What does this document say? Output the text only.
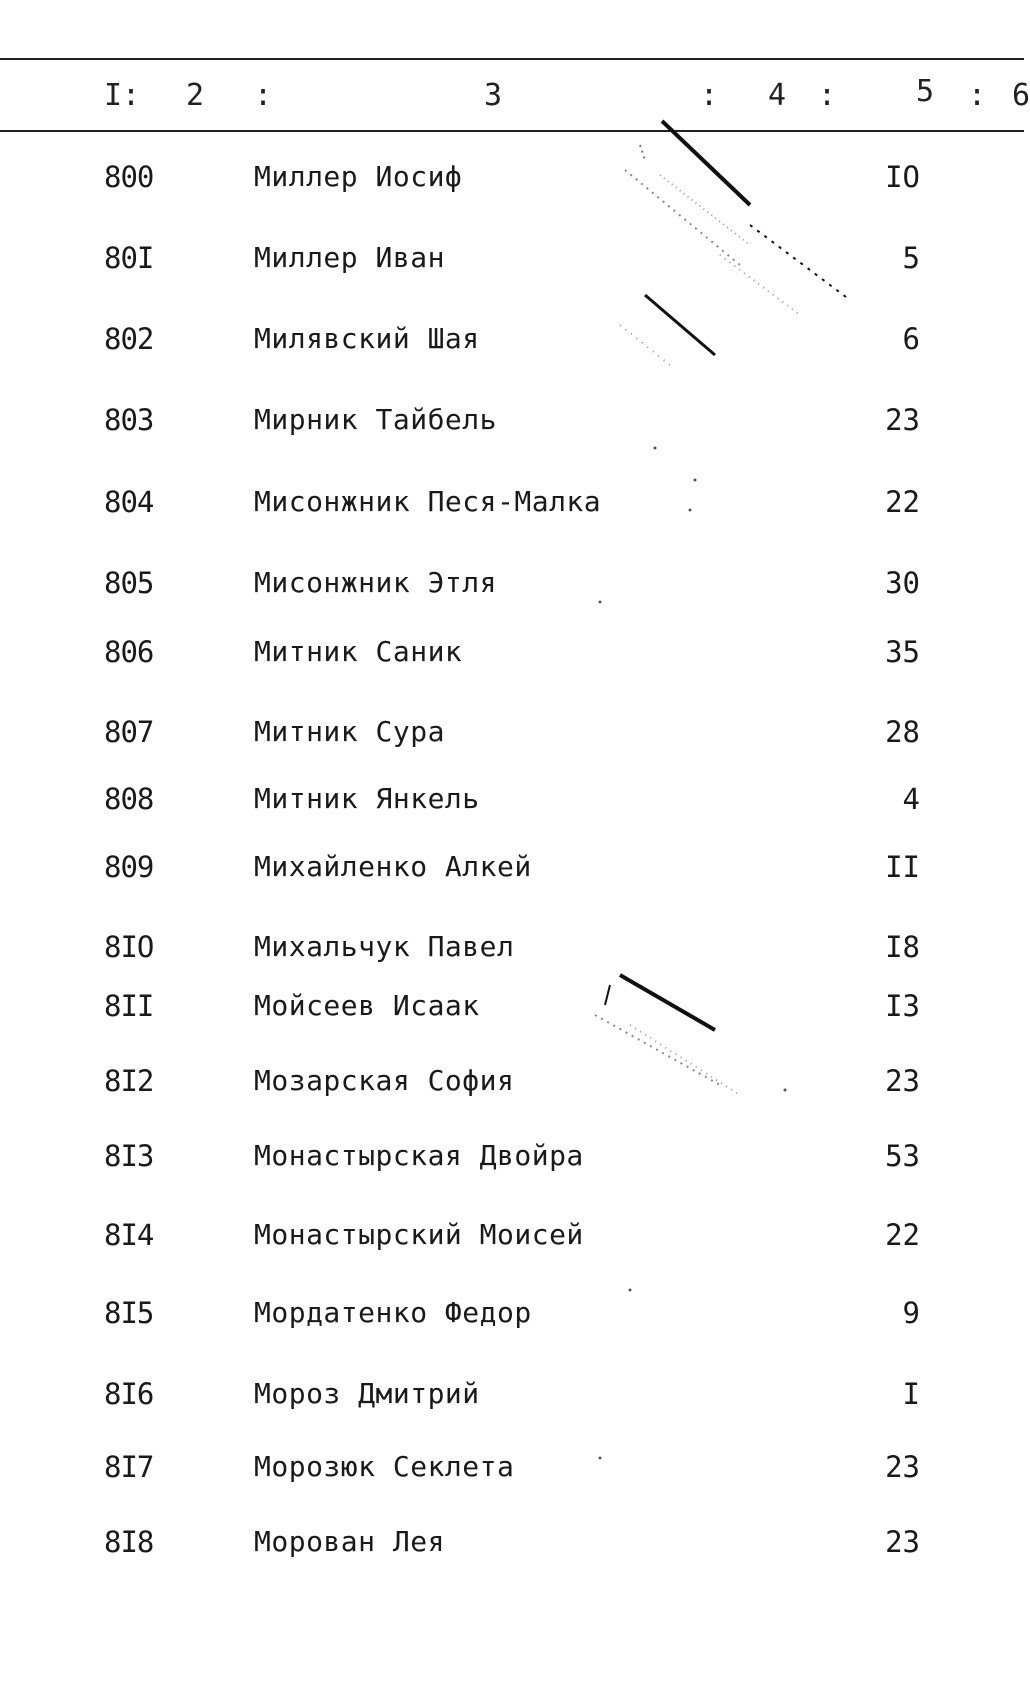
I: 2 :	3	: 4 :	5 : 6
800	Миллер Иосиф	IO
80I	Миллер Иван	5
802	Милявский Шая	6
803	Мирник Тайбель	23
804	Мисонжник Песя-Малка	22
805	Мисонжник Этля	30
806	Митник Саник	35
807	Митник Сура	28
808	Митник Янкель	4
809	Михайленко Алкей	II
8IO	Михальчук Павел	I8
8II	Мойсеев Исаак	I3
8I2	Мозарская София	23
8I3	Монастырская Двойра	53
8I4	Монастырский Моисей	22
8I5	Мордатенко Федор	9
8I6	Мороз Дмитрий	I
8I7	Морозюк Секлета	23
8I8	Морован Лея	23
